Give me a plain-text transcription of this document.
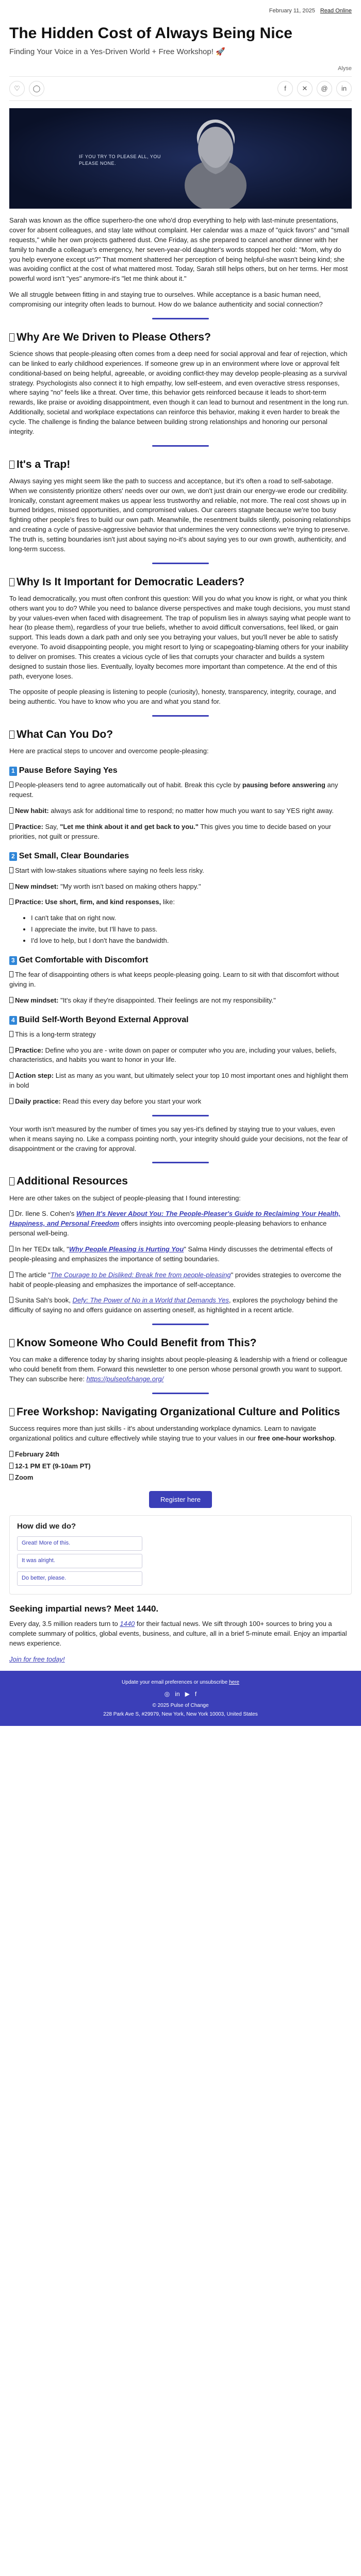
February 11, 2025 Read Online
The Hidden Cost of Always Being Nice
Finding Your Voice in a Yes-Driven World + Free Workshop! 🚀
Alyse
♡	◯	f	✕	@	in
IF YOU TRY TO PLEASE ALL, YOU
PLEASE NONE.

Sarah was known as the office superhero-the one who'd drop everything to help with last-minute presentations, cover for absent colleagues, and stay late without complaint. Her calendar was a maze of "quick favors" and "small requests," while her own projects gathered dust. One Friday, as she prepared to cancel another dinner with her family to handle a colleague's emergency, her seven-year-old daughter's words stopped her cold: "Mom, why do you help everyone except us?" That moment shattered her perception of being helpful-she wasn't being kind; she was avoiding conflict at the cost of what mattered most. Today, Sarah still helps others, but on her terms. Her most powerful word isn't "yes" anymore-it's "let me think about it."

We all struggle between fitting in and staying true to ourselves. While acceptance is a basic human need, compromising our integrity often leads to burnout. How do we balance authenticity and social connection?

Why Are We Driven to Please Others?

Science shows that people-pleasing often comes from a deep need for social approval and fear of rejection, which can be linked to early childhood experiences. If someone grew up in an environment where love or approval felt conditional-based on being helpful, agreeable, or avoiding conflict-they may develop people-pleasing as a survival strategy. Psychologists also connect it to high empathy, low self-esteem, and even overactive stress responses, where saying "no" feels like a threat. Over time, this behavior gets reinforced because it leads to short-term rewards, like praise or avoiding disappointment, even though it can lead to burnout and resentment in the long run. Additionally, societal and workplace expectations can reinforce this behavior, making it even harder to break the cycle. The challenge is finding the balance between building strong relationships and honoring our personal integrity.

It's a Trap!

Always saying yes might seem like the path to success and acceptance, but it's often a road to self-sabotage. When we consistently prioritize others' needs over our own, we don't just drain our energy-we erode our credibility. Ironically, constant agreement makes us appear less trustworthy and reliable, not more. The real cost shows up in burned bridges, missed opportunities, and compromised values. Our careers stagnate because we're too busy fighting other people's fires to build our own path. Meanwhile, the resentment builds silently, poisoning relationships and creating a cycle of passive-aggressive behavior that undermines the very connections we're trying to preserve. The truth is, setting boundaries isn't just about saying no-it's about saying yes to our own growth, authenticity, and long-term success.

Why Is It Important for Democratic Leaders?

To lead democratically, you must often confront this question: Will you do what you know is right, or what you think others want you to do? While you need to balance diverse perspectives and make tough decisions, you must stand by your values-even when faced with disagreement. The trap of populism lies in always saying what people want to hear (to please them), regardless of your true beliefs, whether to avoid difficult conversations, feel liked, or gain support. This leads down a dark path and only see you betraying your values, but you'll never be able to satisfy everyone. To avoid disappointing people, you might resort to lying or scapegoating-blaming others for your inability to deliver on promises. This creates a vicious cycle of lies that corrupts your character and builds a system designed to sustain those lies. Eventually, loyalty becomes more important than competence. At the end of this path, everyone loses.

The opposite of people pleasing is listening to people (curiosity), honesty, transparency, integrity, courage, and being authentic. You have to know who you are and what you stand for.

What Can You Do?

Here are practical steps to uncover and overcome people-pleasing:

1 Pause Before Saying Yes

People-pleasers tend to agree automatically out of habit. Break this cycle by pausing before answering any request.

New habit: always ask for additional time to respond; no matter how much you want to say YES right away.

Practice: Say, "Let me think about it and get back to you." This gives you time to decide based on your priorities, not guilt or pressure.

2 Set Small, Clear Boundaries

Start with low-stakes situations where saying no feels less risky.

New mindset: "My worth isn't based on making others happy."

Practice: Use short, firm, and kind responses, like:

• I can't take that on right now.
• I appreciate the invite, but I'll have to pass.
• I'd love to help, but I don't have the bandwidth.
3 Get Comfortable with Discomfort

The fear of disappointing others is what keeps people-pleasing going. Learn to sit with that discomfort without giving in.

New mindset: "It's okay if they're disappointed. Their feelings are not my responsibility."

4 Build Self-Worth Beyond External Approval

This is a long-term strategy

Practice: Define who you are - write down on paper or computer who you are, including your values, beliefs, characteristics, and habits you want to honor in your life.

Action step: List as many as you want, but ultimately select your top 10 most important ones and highlight them in bold

Daily practice: Read this every day before you start your work

Your worth isn't measured by the number of times you say yes-it's defined by staying true to your values, even when it means saying no. Like a compass pointing north, your integrity should guide your decisions, not the fear of disappointment or the craving for approval.

Additional Resources

Here are other takes on the subject of people-pleasing that I found interesting:

Dr. Ilene S. Cohen's When It's Never About You: The People-Pleaser's Guide to Reclaiming Your Health, Happiness, and Personal Freedom offers insights into overcoming people-pleasing behaviors to enhance personal well-being.

In her TEDx talk, "Why People Pleasing is Hurting You" Salma Hindy discusses the detrimental effects of people-pleasing and emphasizes the importance of setting boundaries.

The article "The Courage to be Disliked: Break free from people-pleasing" provides strategies to overcome the habit of people-pleasing and emphasizes the importance of self-acceptance.

Sunita Sah's book, Defy: The Power of No in a World that Demands Yes, explores the psychology behind the difficulty of saying no and offers guidance on asserting oneself, as highlighted in a recent article.

Know Someone Who Could Benefit from This?

You can make a difference today by sharing insights about people-pleasing & leadership with a friend or colleague who could benefit from them. Forward this newsletter to one person whose personal growth you want to support. They can subscribe here: https://pulseofchange.org/

Free Workshop: Navigating Organizational Culture and Politics

Success requires more than just skills - it's about understanding workplace dynamics. Learn to navigate organizational politics and culture effectively while staying true to your values in our free one-hour workshop.

February 24th

12-1 PM ET (9-10am PT)

Zoom

Register here
How did we do?
Great! More of this.
It was alright.
Do better, please.
Seeking impartial news? Meet 1440.

Every day, 3.5 million readers turn to 1440 for their factual news. We sift through 100+ sources to bring you a complete summary of politics, global events, business, and culture, all in a brief 5-minute email. Enjoy an impartial news experience.

Join for free today!

Update your email preferences or unsubscribe here
◎ in ▶ f
© 2025 Pulse of Change
228 Park Ave S, #29979, New York, New York 10003, United States
